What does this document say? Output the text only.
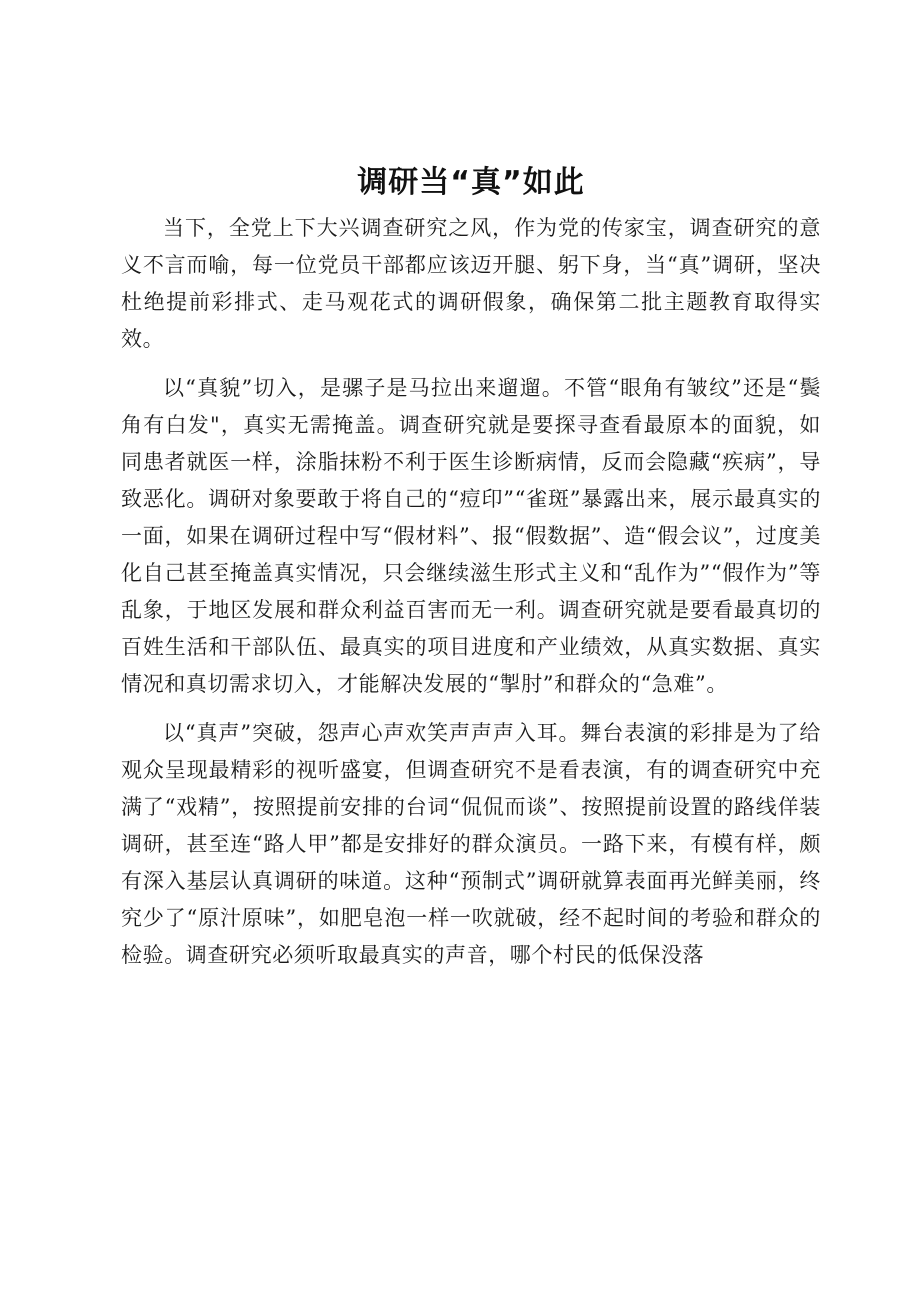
调研当“真”如此

当下，全党上下大兴调查研究之风，作为党的传家宝，调查研究的意义不言而喻，每一位党员干部都应该迈开腿、躬下身，当“真”调研，坚决杜绝提前彩排式、走马观花式的调研假象，确保第二批主题教育取得实效。

以“真貌”切入，是骡子是马拉出来遛遛。不管“眼角有皱纹”还是“鬓角有白发"，真实无需掩盖。调查研究就是要探寻查看最原本的面貌，如同患者就医一样，涂脂抹粉不利于医生诊断病情，反而会隐藏“疾病”，导致恶化。调研对象要敢于将自己的“痘印”“雀斑”暴露出来，展示最真实的一面，如果在调研过程中写“假材料”、报“假数据”、造“假会议”，过度美化自己甚至掩盖真实情况，只会继续滋生形式主义和“乱作为”“假作为”等乱象，于地区发展和群众利益百害而无一利。调查研究就是要看最真切的百姓生活和干部队伍、最真实的项目进度和产业绩效，从真实数据、真实情况和真切需求切入，才能解决发展的“掣肘”和群众的“急难”。

以“真声”突破，怨声心声欢笑声声声入耳。舞台表演的彩排是为了给观众呈现最精彩的视听盛宴，但调查研究不是看表演，有的调查研究中充满了“戏精”，按照提前安排的台词“侃侃而谈”、按照提前设置的路线佯装调研，甚至连“路人甲”都是安排好的群众演员。一路下来，有模有样，颇有深入基层认真调研的味道。这种“预制式”调研就算表面再光鲜美丽，终究少了“原汁原味”，如肥皂泡一样一吹就破，经不起时间的考验和群众的检验。调查研究必须听取最真实的声音，哪个村民的低保没落
